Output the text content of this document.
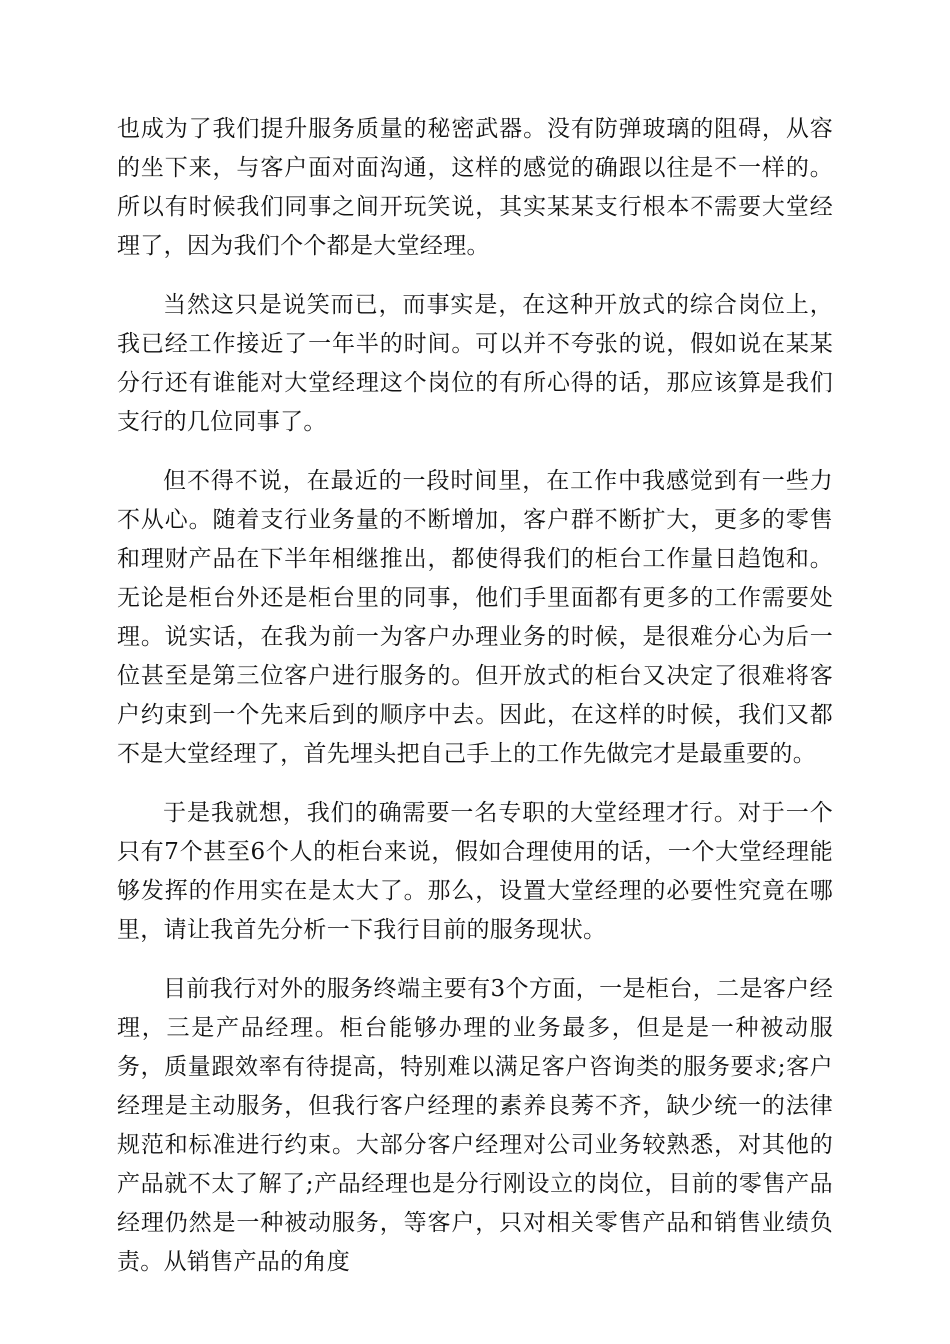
也成为了我们提升服务质量的秘密武器。没有防弹玻璃的阻碍，从容的坐下来，与客户面对面沟通，这样的感觉的确跟以往是不一样的。所以有时候我们同事之间开玩笑说，其实某某支行根本不需要大堂经理了，因为我们个个都是大堂经理。

当然这只是说笑而已，而事实是，在这种开放式的综合岗位上，我已经工作接近了一年半的时间。可以并不夸张的说，假如说在某某分行还有谁能对大堂经理这个岗位的有所心得的话，那应该算是我们支行的几位同事了。

但不得不说，在最近的一段时间里，在工作中我感觉到有一些力不从心。随着支行业务量的不断增加，客户群不断扩大，更多的零售和理财产品在下半年相继推出，都使得我们的柜台工作量日趋饱和。无论是柜台外还是柜台里的同事，他们手里面都有更多的工作需要处理。说实话，在我为前一为客户办理业务的时候，是很难分心为后一位甚至是第三位客户进行服务的。但开放式的柜台又决定了很难将客户约束到一个先来后到的顺序中去。因此，在这样的时候，我们又都不是大堂经理了，首先埋头把自己手上的工作先做完才是最重要的。

于是我就想，我们的确需要一名专职的大堂经理才行。对于一个只有7个甚至6个人的柜台来说，假如合理使用的话，一个大堂经理能够发挥的作用实在是太大了。那么，设置大堂经理的必要性究竟在哪里，请让我首先分析一下我行目前的服务现状。

目前我行对外的服务终端主要有3个方面，一是柜台，二是客户经理，三是产品经理。柜台能够办理的业务最多，但是是一种被动服务，质量跟效率有待提高，特别难以满足客户咨询类的服务要求;客户经理是主动服务，但我行客户经理的素养良莠不齐，缺少统一的法律规范和标准进行约束。大部分客户经理对公司业务较熟悉，对其他的产品就不太了解了;产品经理也是分行刚设立的岗位，目前的零售产品经理仍然是一种被动服务，等客户，只对相关零售产品和销售业绩负责。从销售产品的角度
